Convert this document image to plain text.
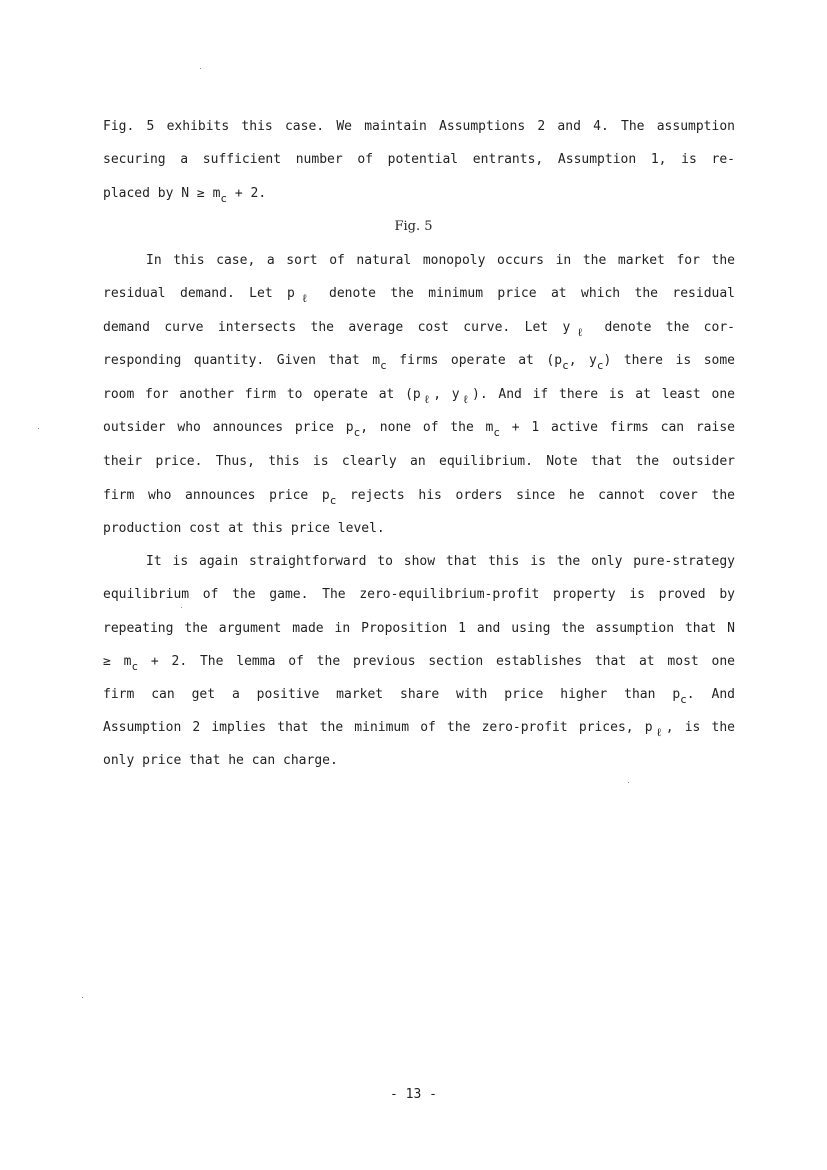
Fig. 5 exhibits this case. We maintain Assumptions 2 and 4. The assumption
securing a sufficient number of potential entrants, Assumption 1, is re-
placed by $N \ge m_c + 2$.
Fig. 5
In this case, a sort of natural monopoly occurs in the market for the
residual demand. Let $p_\ell$ denote the minimum price at which the residual
demand curve intersects the average cost curve. Let $y_\ell$ denote the cor-
responding quantity. Given that $m_c$ firms operate at ($p_c$, $y_c$) there is some
room for another firm to operate at ($p_\ell$, $y_\ell$). And if there is at least one
outsider who announces price $p_c$, none of the $m_c + 1$ active firms can raise
their price. Thus, this is clearly an equilibrium. Note that the outsider
firm who announces price $p_c$ rejects his orders since he cannot cover the
production cost at this price level.
It is again straightforward to show that this is the only pure-strategy
equilibrium of the game. The zero-equilibrium-profit property is proved by
repeating the argument made in Proposition 1 and using the assumption that N
≥ $m_c + 2$. The lemma of the previous section establishes that at most one
firm can get a positive market share with price higher than $p_c$. And
Assumption 2 implies that the minimum of the zero-profit prices, $p_\ell$, is the
only price that he can charge.
- 13 -
